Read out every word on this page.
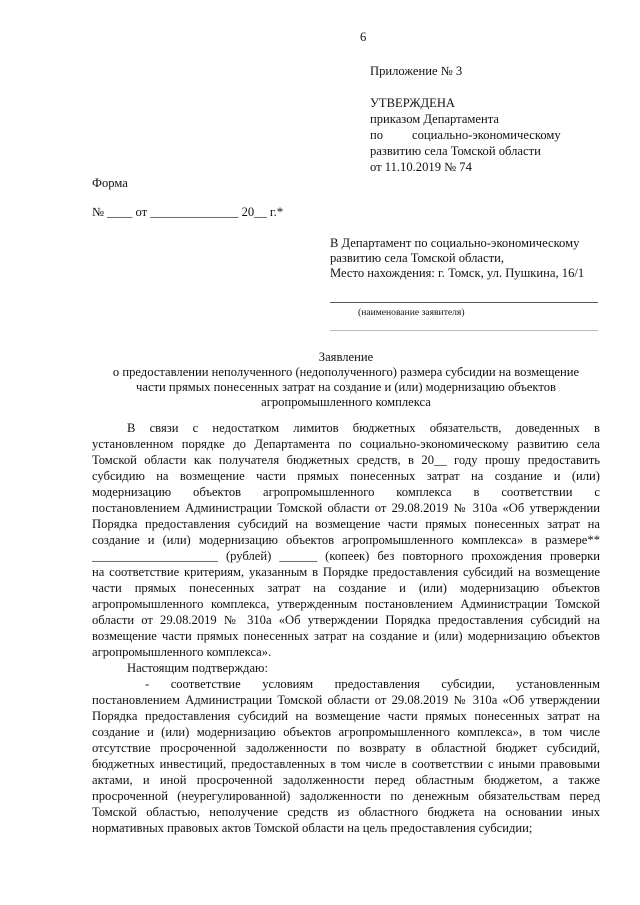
6
Приложение № 3
УТВЕРЖДЕНА
приказом Департамента
по социально-экономическому
развитию села Томской области
от 11.10.2019 № 74
Форма
№ ____ от ______________ 20__ г.*
В Департамент по социально-экономическому
развитию села Томской области,
Место нахождения: г. Томск, ул. Пушкина, 16/1
(наименование заявителя)
Заявление
о предоставлении неполученного (недополученного) размера субсидии на возмещение
части прямых понесенных затрат на создание и (или) модернизацию объектов
агропромышленного комплекса
В связи с недостатком лимитов бюджетных обязательств, доведенных в
установленном порядке до Департамента по социально-экономическому развитию села
Томской области как получателя бюджетных средств, в 20__ году прошу предоставить
субсидию на возмещение части прямых понесенных затрат на создание и (или)
модернизацию объектов агропромышленного комплекса в соответствии с
постановлением Администрации Томской области от 29.08.2019 № 310а «Об утверждении
Порядка предоставления субсидий на возмещение части прямых понесенных затрат на
создание и (или) модернизацию объектов агропромышленного комплекса» в размере**
____________________ (рублей) ______ (копеек) без повторного прохождения проверки
на соответствие критериям, указанным в Порядке предоставления субсидий на возмещение
части прямых понесенных затрат на создание и (или) модернизацию объектов
агропромышленного комплекса, утвержденным постановлением Администрации Томской
области от 29.08.2019 № 310а «Об утверждении Порядка предоставления субсидий на
возмещение части прямых понесенных затрат на создание и (или) модернизацию объектов
агропромышленного комплекса».
Настоящим подтверждаю:
- соответствие условиям предоставления субсидии, установленным
постановлением Администрации Томской области от 29.08.2019 № 310а «Об утверждении
Порядка предоставления субсидий на возмещение части прямых понесенных затрат на
создание и (или) модернизацию объектов агропромышленного комплекса», в том числе
отсутствие просроченной задолженности по возврату в областной бюджет субсидий,
бюджетных инвестиций, предоставленных в том числе в соответствии с иными правовыми
актами, и иной просроченной задолженности перед областным бюджетом, а также
просроченной (неурегулированной) задолженности по денежным обязательствам перед
Томской областью, неполучение средств из областного бюджета на основании иных
нормативных правовых актов Томской области на цель предоставления субсидии;
